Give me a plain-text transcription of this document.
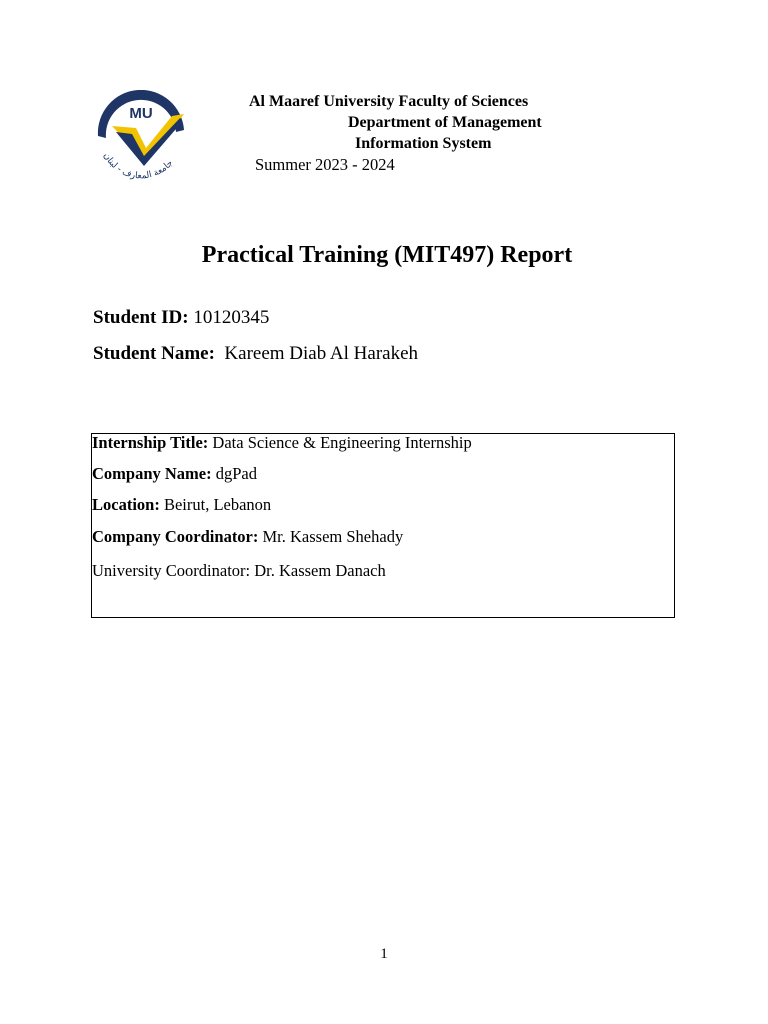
MU
جامعة المعارف - لبنان
Al Maaref University Faculty of Sciences
Department of Management
Information System
Summer 2023 - 2024
Practical Training (MIT497) Report
Student ID: 10120345
Student Name: Kareem Diab Al Harakeh
Internship Title: Data Science & Engineering Internship
Company Name: dgPad
Location: Beirut, Lebanon
Company Coordinator: Mr. Kassem Shehady
University Coordinator: Dr. Kassem Danach
1
